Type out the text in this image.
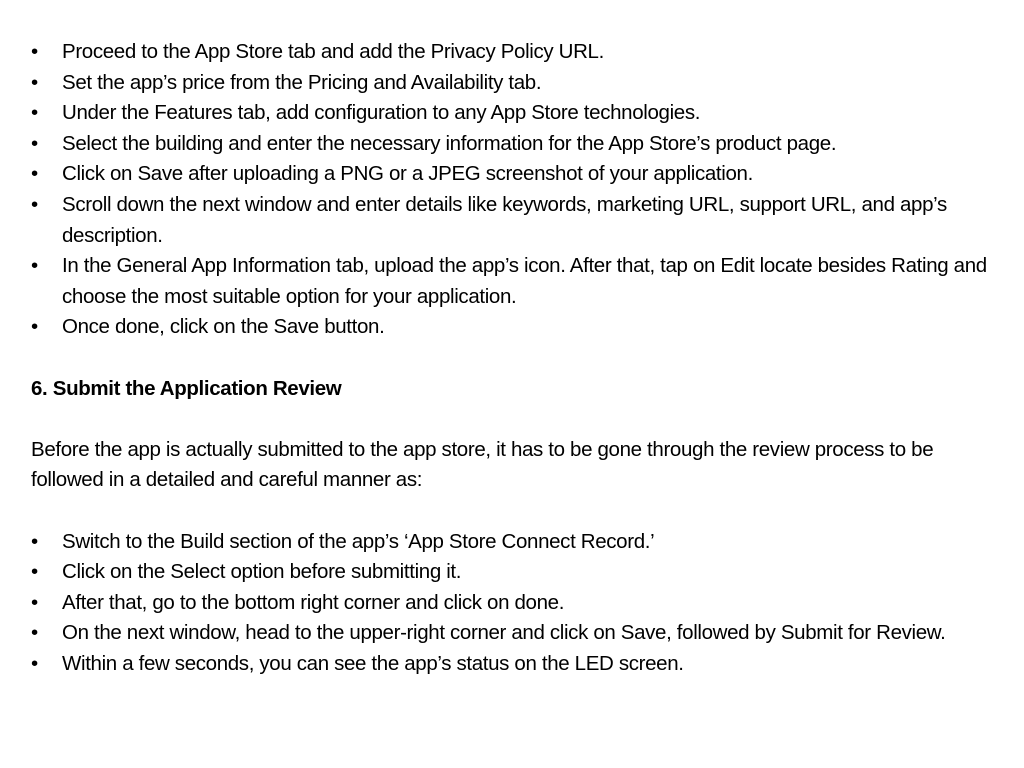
•	Proceed to the App Store tab and add the Privacy Policy URL.
•	Set the app’s price from the Pricing and Availability tab.
•	Under the Features tab, add configuration to any App Store technologies.
•	Select the building and enter the necessary information for the App Store’s product page.
•	Click on Save after uploading a PNG or a JPEG screenshot of your application.
•	Scroll down the next window and enter details like keywords, marketing URL, support URL, and app’s description.
•	In the General App Information tab, upload the app’s icon. After that, tap on Edit locate besides Rating and choose the most suitable option for your application.
•	Once done, click on the Save button.

6. Submit the Application Review

Before the app is actually submitted to the app store, it has to be gone through the review process to be followed in a detailed and careful manner as:

•	Switch to the Build section of the app’s ‘App Store Connect Record.’
•	Click on the Select option before submitting it.
•	After that, go to the bottom right corner and click on done.
•	On the next window, head to the upper-right corner and click on Save, followed by Submit for Review.
•	Within a few seconds, you can see the app’s status on the LED screen.
